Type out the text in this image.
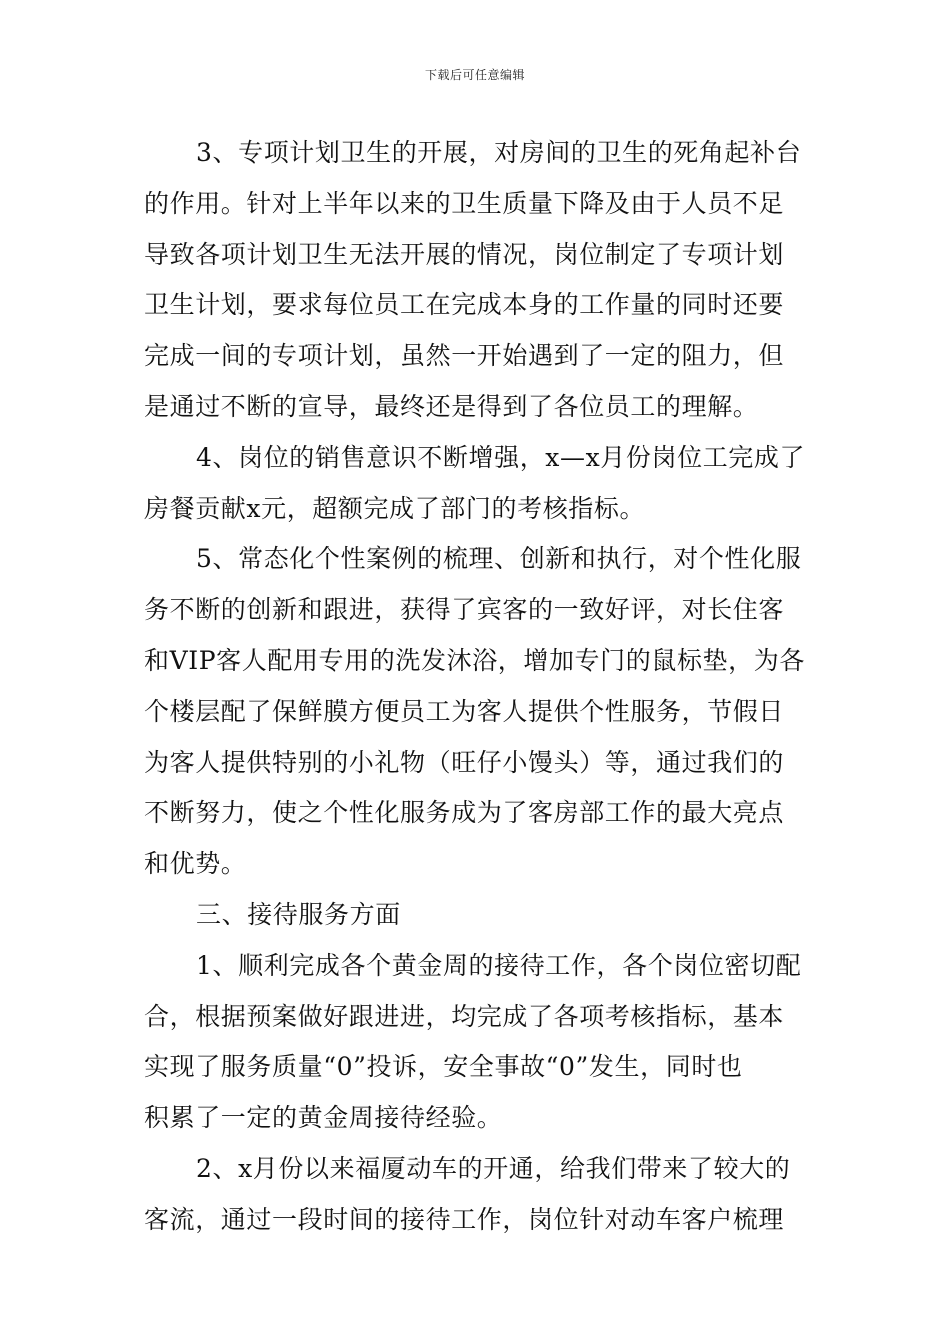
下载后可任意编辑
3、专项计划卫生的开展，对房间的卫生的死角起补台
的作用。针对上半年以来的卫生质量下降及由于人员不足
导致各项计划卫生无法开展的情况，岗位制定了专项计划
卫生计划，要求每位员工在完成本身的工作量的同时还要
完成一间的专项计划，虽然一开始遇到了一定的阻力，但
是通过不断的宣导，最终还是得到了各位员工的理解。
4、岗位的销售意识不断增强，x—x月份岗位工完成了
房餐贡献x元，超额完成了部门的考核指标。
5、常态化个性案例的梳理、创新和执行，对个性化服
务不断的创新和跟进，获得了宾客的一致好评，对长住客
和VIP客人配用专用的洗发沐浴，增加专门的鼠标垫，为各
个楼层配了保鲜膜方便员工为客人提供个性服务，节假日
为客人提供特别的小礼物（旺仔小馒头）等，通过我们的
不断努力，使之个性化服务成为了客房部工作的最大亮点
和优势。
三、接待服务方面
1、顺利完成各个黄金周的接待工作，各个岗位密切配
合，根据预案做好跟进进，均完成了各项考核指标，基本
实现了服务质量“0”投诉，安全事故“0”发生，同时也
积累了一定的黄金周接待经验。
2、x月份以来福厦动车的开通，给我们带来了较大的
客流，通过一段时间的接待工作，岗位针对动车客户梳理
